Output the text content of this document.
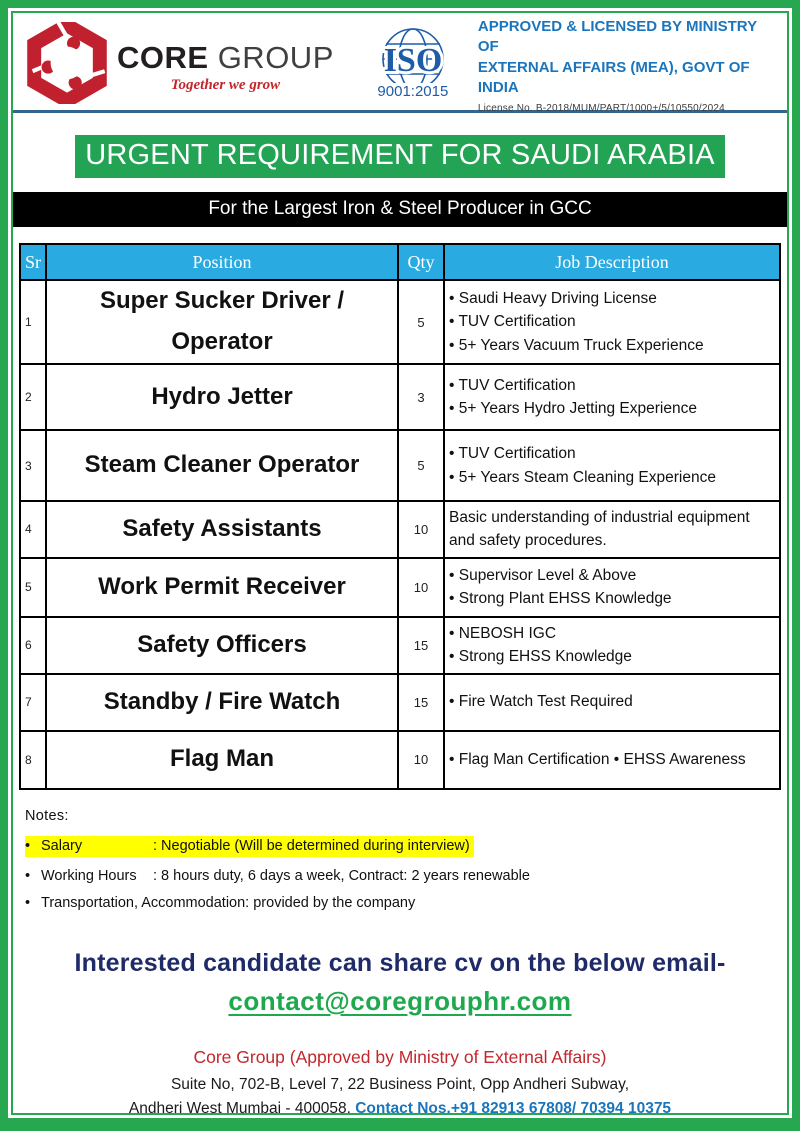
CORE GROUP
Together we grow
ISO
9001:2015
APPROVED & LICENSED BY MINISTRY OF
EXTERNAL AFFAIRS (MEA), GOVT OF INDIA
License No. B-2018/MUM/PART/1000+/5/10550/2024
URGENT REQUIREMENT FOR SAUDI ARABIA
For the Largest Iron & Steel Producer in GCC
Sr	Position	Qty	Job Description
1	Super Sucker Driver / Operator	5	• Saudi Heavy Driving License
• TUV Certification
• 5+ Years Vacuum Truck Experience

2	Hydro Jetter	3	• TUV Certification
• 5+ Years Hydro Jetting Experience

3	Steam Cleaner Operator	5	• TUV Certification
• 5+ Years Steam Cleaning Experience

4	Safety Assistants	10	Basic understanding of industrial equipment and safety procedures.

5	Work Permit Receiver	10	• Supervisor Level & Above
• Strong Plant EHSS Knowledge

6	Safety Officers	15	• NEBOSH IGC
• Strong EHSS Knowledge

7	Standby / Fire Watch	15	• Fire Watch Test Required

8	Flag Man	10	• Flag Man Certification • EHSS Awareness
Notes:
• Salary	: Negotiable (Will be determined during interview)
• Working Hours : 8 hours duty, 6 days a week, Contract: 2 years renewable
• Transportation, Accommodation: provided by the company
Interested candidate can share cv on the below email-
contact@coregrouphr.com
Core Group (Approved by Ministry of External Affairs)
Suite No, 702-B, Level 7, 22 Business Point, Opp Andheri Subway,
Andheri West Mumbai - 400058. Contact Nos.+91 82913 67808/ 70394 10375
